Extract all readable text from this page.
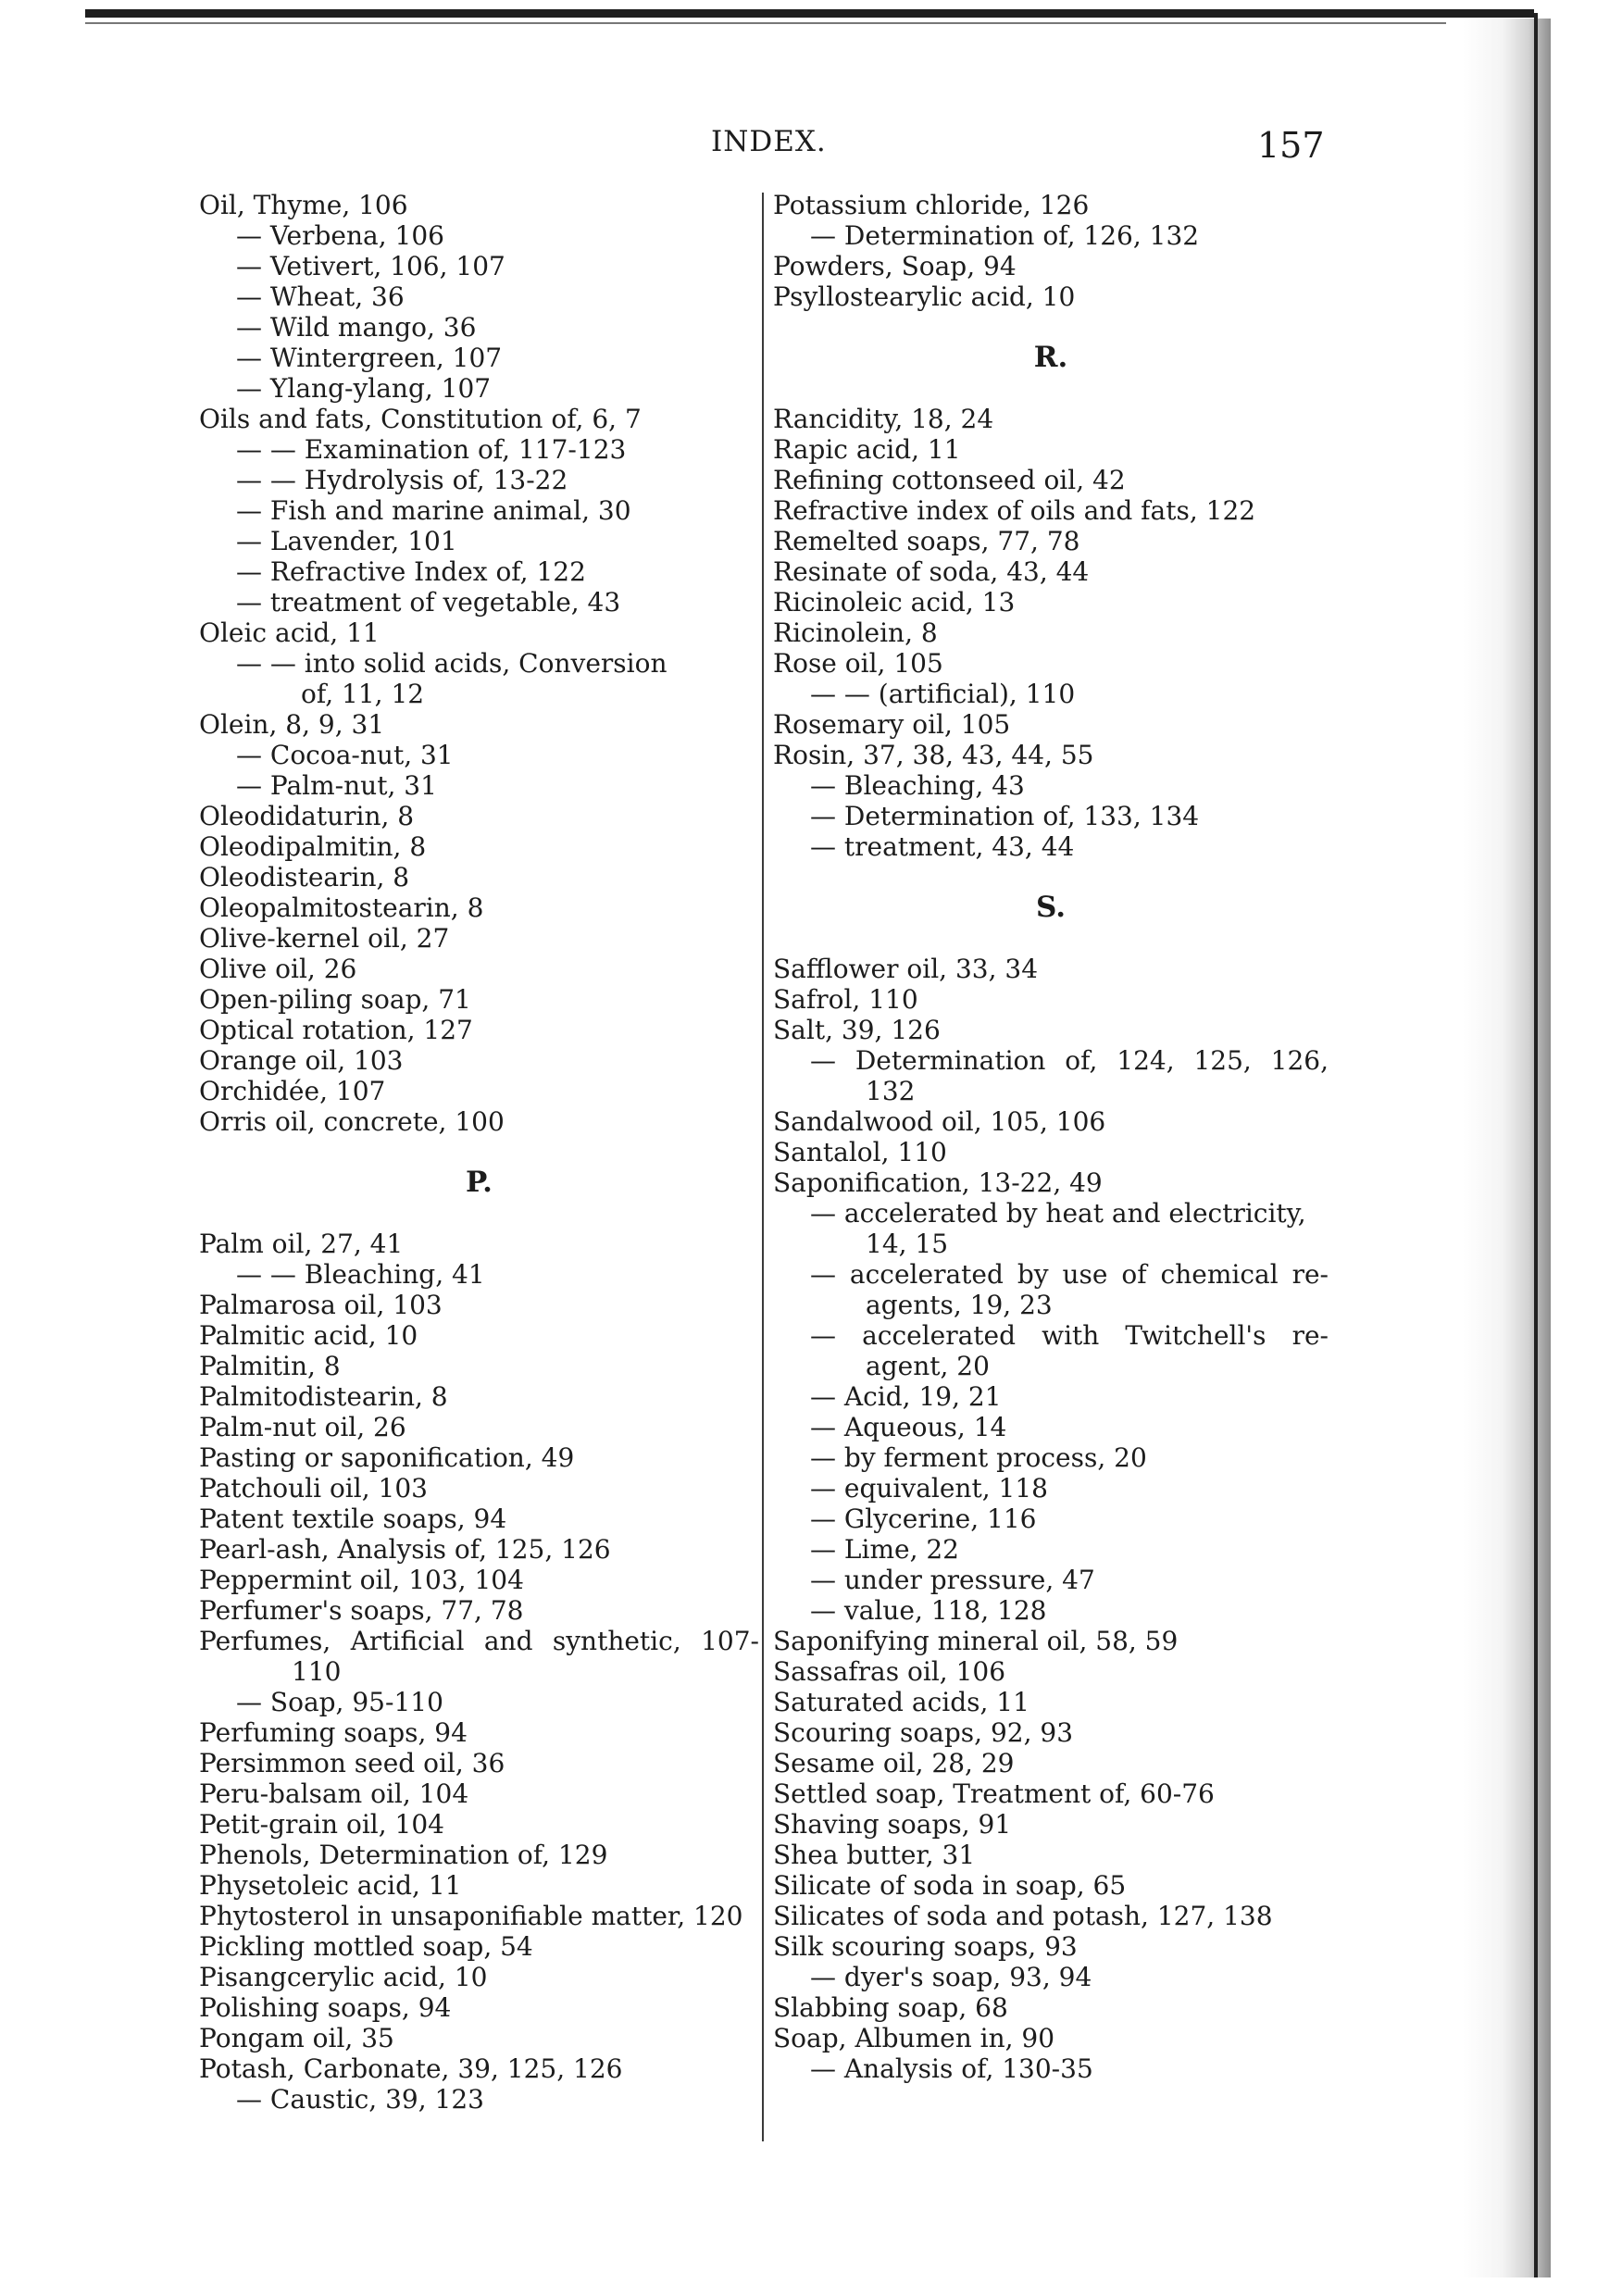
INDEX.	157
Oil, Thyme, 106
— Verbena, 106
— Vetivert, 106, 107
— Wheat, 36
— Wild mango, 36
— Wintergreen, 107
— Ylang-ylang, 107
Oils and fats, Constitution of, 6, 7
— — Examination of, 117-123
— — Hydrolysis of, 13-22
— Fish and marine animal, 30
— Lavender, 101
— Refractive Index of, 122
— treatment of vegetable, 43
Oleic acid, 11
— — into solid acids, Conversion
of, 11, 12
Olein, 8, 9, 31
— Cocoa-nut, 31
— Palm-nut, 31
Oleodidaturin, 8
Oleodipalmitin, 8
Oleodistearin, 8
Oleopalmitostearin, 8
Olive-kernel oil, 27
Olive oil, 26
Open-piling soap, 71
Optical rotation, 127
Orange oil, 103
Orchidée, 107
Orris oil, concrete, 100
P.
Palm oil, 27, 41
— — Bleaching, 41
Palmarosa oil, 103
Palmitic acid, 10
Palmitin, 8
Palmitodistearin, 8
Palm-nut oil, 26
Pasting or saponification, 49
Patchouli oil, 103
Patent textile soaps, 94
Pearl-ash, Analysis of, 125, 126
Peppermint oil, 103, 104
Perfumer's soaps, 77, 78
Perfumes, Artificial and synthetic, 107-
110
— Soap, 95-110
Perfuming soaps, 94
Persimmon seed oil, 36
Peru-balsam oil, 104
Petit-grain oil, 104
Phenols, Determination of, 129
Physetoleic acid, 11
Phytosterol in unsaponifiable matter, 120
Pickling mottled soap, 54
Pisangcerylic acid, 10
Polishing soaps, 94
Pongam oil, 35
Potash, Carbonate, 39, 125, 126
— Caustic, 39, 123
Potassium chloride, 126
— Determination of, 126, 132
Powders, Soap, 94
Psyllostearylic acid, 10
R.
Rancidity, 18, 24
Rapic acid, 11
Refining cottonseed oil, 42
Refractive index of oils and fats, 122
Remelted soaps, 77, 78
Resinate of soda, 43, 44
Ricinoleic acid, 13
Ricinolein, 8
Rose oil, 105
— — (artificial), 110
Rosemary oil, 105
Rosin, 37, 38, 43, 44, 55
— Bleaching, 43
— Determination of, 133, 134
— treatment, 43, 44
S.
Safflower oil, 33, 34
Safrol, 110
Salt, 39, 126
— Determination of, 124, 125, 126,
132
Sandalwood oil, 105, 106
Santalol, 110
Saponification, 13-22, 49
— accelerated by heat and electricity,
14, 15
— accelerated by use of chemical re-
agents, 19, 23
— accelerated with Twitchell's re-
agent, 20
— Acid, 19, 21
— Aqueous, 14
— by ferment process, 20
— equivalent, 118
— Glycerine, 116
— Lime, 22
— under pressure, 47
— value, 118, 128
Saponifying mineral oil, 58, 59
Sassafras oil, 106
Saturated acids, 11
Scouring soaps, 92, 93
Sesame oil, 28, 29
Settled soap, Treatment of, 60-76
Shaving soaps, 91
Shea butter, 31
Silicate of soda in soap, 65
Silicates of soda and potash, 127, 138
Silk scouring soaps, 93
— dyer's soap, 93, 94
Slabbing soap, 68
Soap, Albumen in, 90
— Analysis of, 130-35
